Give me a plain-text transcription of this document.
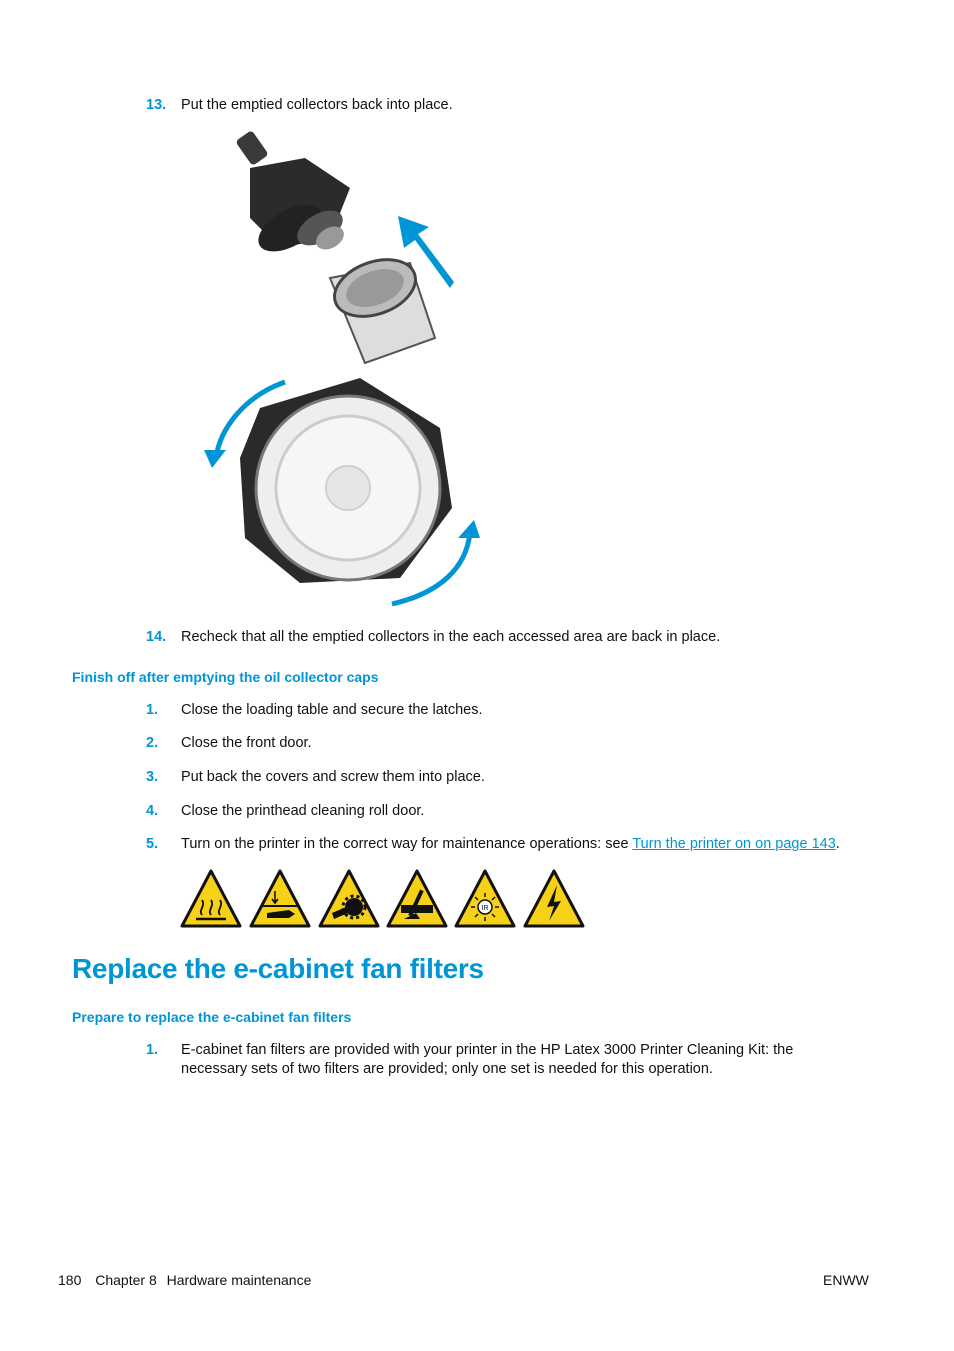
13. Put the emptied collectors back into place.
14. Recheck that all the emptied collectors in the each accessed area are back in place.
Finish off after emptying the oil collector caps
1. Close the loading table and secure the latches.
2. Close the front door.
3. Put back the covers and screw them into place.
4. Close the printhead cleaning roll door.
5. Turn on the printer in the correct way for maintenance operations: see Turn the printer on on page 143.
IR
Replace the e-cabinet fan filters
Prepare to replace the e-cabinet fan filters
1. E-cabinet fan filters are provided with your printer in the HP Latex 3000 Printer Cleaning Kit: the
necessary sets of two filters are provided; only one set is needed for this operation.
180 Chapter 8 Hardware maintenance	ENWW
